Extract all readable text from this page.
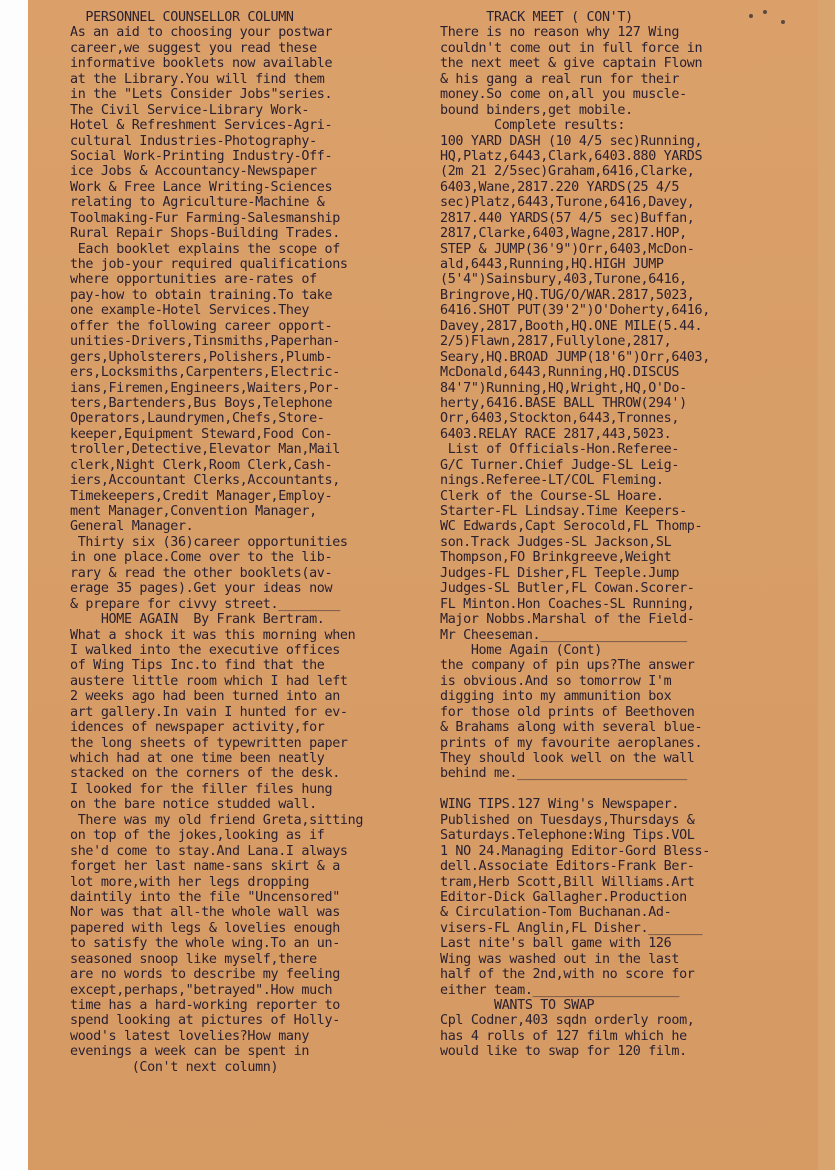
PERSONNEL COUNSELLOR COLUMN
As an aid to choosing your postwar
career,we suggest you read these
informative booklets now available
at the Library.You will find them
in the "Lets Consider Jobs"series.
The Civil Service-Library Work-
Hotel & Refreshment Services-Agri-
cultural Industries-Photography-
Social Work-Printing Industry-Off-
ice Jobs & Accountancy-Newspaper
Work & Free Lance Writing-Sciences
relating to Agriculture-Machine &
Toolmaking-Fur Farming-Salesmanship
Rural Repair Shops-Building Trades.
Each booklet explains the scope of
the job-your required qualifications
where opportunities are-rates of
pay-how to obtain training.To take
one example-Hotel Services.They
offer the following career opport-
unities-Drivers,Tinsmiths,Paperhan-
gers,Upholsterers,Polishers,Plumb-
ers,Locksmiths,Carpenters,Electric-
ians,Firemen,Engineers,Waiters,Por-
ters,Bartenders,Bus Boys,Telephone
Operators,Laundrymen,Chefs,Store-
keeper,Equipment Steward,Food Con-
troller,Detective,Elevator Man,Mail
clerk,Night Clerk,Room Clerk,Cash-
iers,Accountant Clerks,Accountants,
Timekeepers,Credit Manager,Employ-
ment Manager,Convention Manager,
General Manager.
Thirty six (36)career opportunities
in one place.Come over to the lib-
rary & read the other booklets(av-
erage 35 pages).Get your ideas now
& prepare for civvy street.________
HOME AGAIN  By Frank Bertram.
What a shock it was this morning when
I walked into the executive offices
of Wing Tips Inc.to find that the
austere little room which I had left
2 weeks ago had been turned into an
art gallery.In vain I hunted for ev-
idences of newspaper activity,for
the long sheets of typewritten paper
which had at one time been neatly
stacked on the corners of the desk.
I looked for the filler files hung
on the bare notice studded wall.
There was my old friend Greta,sitting
on top of the jokes,looking as if
she'd come to stay.And Lana.I always
forget her last name-sans skirt & a
lot more,with her legs dropping
daintily into the file "Uncensored"
Nor was that all-the whole wall was
papered with legs & lovelies enough
to satisfy the whole wing.To an un-
seasoned snoop like myself,there
are no words to describe my feeling
except,perhaps,"betrayed".How much
time has a hard-working reporter to
spend looking at pictures of Holly-
wood's latest lovelies?How many
evenings a week can be spent in
(Con't next column)
TRACK MEET ( CON'T)
There is no reason why 127 Wing
couldn't come out in full force in
the next meet & give captain Flown
& his gang a real run for their
money.So come on,all you muscle-
bound binders,get mobile.
Complete results:
100 YARD DASH (10 4/5 sec)Running,
HQ,Platz,6443,Clark,6403.880 YARDS
(2m 21 2/5sec)Graham,6416,Clarke,
6403,Wane,2817.220 YARDS(25 4/5
sec)Platz,6443,Turone,6416,Davey,
2817.440 YARDS(57 4/5 sec)Buffan,
2817,Clarke,6403,Wagne,2817.HOP,
STEP & JUMP(36'9")Orr,6403,McDon-
ald,6443,Running,HQ.HIGH JUMP
(5'4")Sainsbury,403,Turone,6416,
Bringrove,HQ.TUG/O/WAR.2817,5023,
6416.SHOT PUT(39'2")O'Doherty,6416,
Davey,2817,Booth,HQ.ONE MILE(5.44.
2/5)Flawn,2817,Fullylone,2817,
Seary,HQ.BROAD JUMP(18'6")Orr,6403,
McDonald,6443,Running,HQ.DISCUS
84'7")Running,HQ,Wright,HQ,O'Do-
herty,6416.BASE BALL THROW(294')
Orr,6403,Stockton,6443,Tronnes,
6403.RELAY RACE 2817,443,5023.
List of Officials-Hon.Referee-
G/C Turner.Chief Judge-SL Leig-
nings.Referee-LT/COL Fleming.
Clerk of the Course-SL Hoare.
Starter-FL Lindsay.Time Keepers-
WC Edwards,Capt Serocold,FL Thomp-
son.Track Judges-SL Jackson,SL
Thompson,FO Brinkgreeve,Weight
Judges-FL Disher,FL Teeple.Jump
Judges-SL Butler,FL Cowan.Scorer-
FL Minton.Hon Coaches-SL Running,
Major Nobbs.Marshal of the Field-
Mr Cheeseman.___________________
Home Again (Cont)
the company of pin ups?The answer
is obvious.And so tomorrow I'm
digging into my ammunition box
for those old prints of Beethoven
& Brahams along with several blue-
prints of my favourite aeroplanes.
They should look well on the wall
behind me.______________________
WING TIPS.127 Wing's Newspaper.
Published on Tuesdays,Thursdays &
Saturdays.Telephone:Wing Tips.VOL
1 NO 24.Managing Editor-Gord Bless-
dell.Associate Editors-Frank Ber-
tram,Herb Scott,Bill Williams.Art
Editor-Dick Gallagher.Production
& Circulation-Tom Buchanan.Ad-
visers-FL Anglin,FL Disher._______
Last nite's ball game with 126
Wing was washed out in the last
half of the 2nd,with no score for
either team.___________________
WANTS TO SWAP
Cpl Codner,403 sqdn orderly room,
has 4 rolls of 127 film which he
would like to swap for 120 film.
